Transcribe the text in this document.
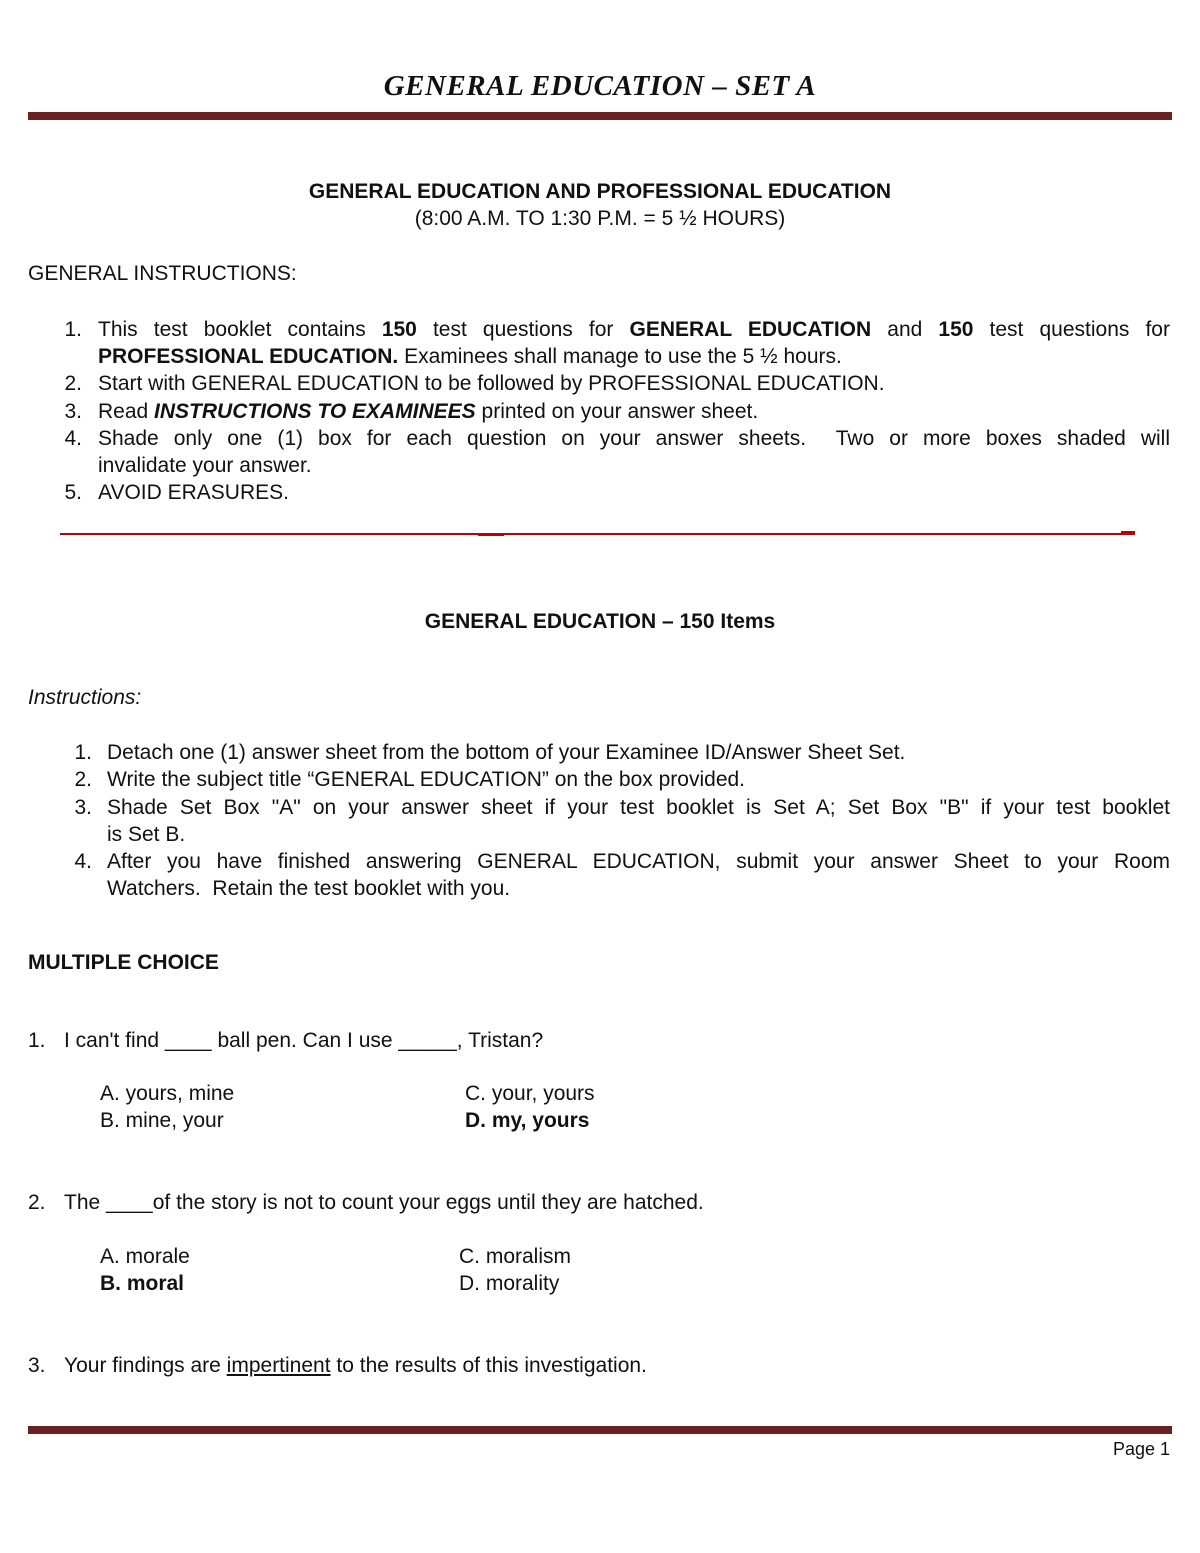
GENERAL EDUCATION – SET A
GENERAL EDUCATION AND PROFESSIONAL EDUCATION
(8:00 A.M. TO 1:30 P.M. = 5 ½ HOURS)
GENERAL INSTRUCTIONS:
1. This test booklet contains 150 test questions for GENERAL EDUCATION and 150 test questions for
PROFESSIONAL EDUCATION. Examinees shall manage to use the 5 ½ hours.
2. Start with GENERAL EDUCATION to be followed by PROFESSIONAL EDUCATION.
3. Read INSTRUCTIONS TO EXAMINEES printed on your answer sheet.
4. Shade only one (1) box for each question on your answer sheets.  Two or more boxes shaded will
invalidate your answer.
5. AVOID ERASURES.
GENERAL EDUCATION – 150 Items
Instructions:
1. Detach one (1) answer sheet from the bottom of your Examinee ID/Answer Sheet Set.
2. Write the subject title “GENERAL EDUCATION” on the box provided.
3. Shade Set Box "A" on your answer sheet if your test booklet is Set A; Set Box "B" if your test booklet
is Set B.
4. After you have finished answering GENERAL EDUCATION, submit your answer Sheet to your Room
Watchers.  Retain the test booklet with you.
MULTIPLE CHOICE
1. I can't find ____ ball pen. Can I use _____, Tristan?
A. yours, mine
B. mine, your
C. your, yours
D. my, yours
2. The ____of the story is not to count your eggs until they are hatched.
A. morale
B. moral
C. moralism
D. morality
3. Your findings are impertinent to the results of this investigation.
Page 1
